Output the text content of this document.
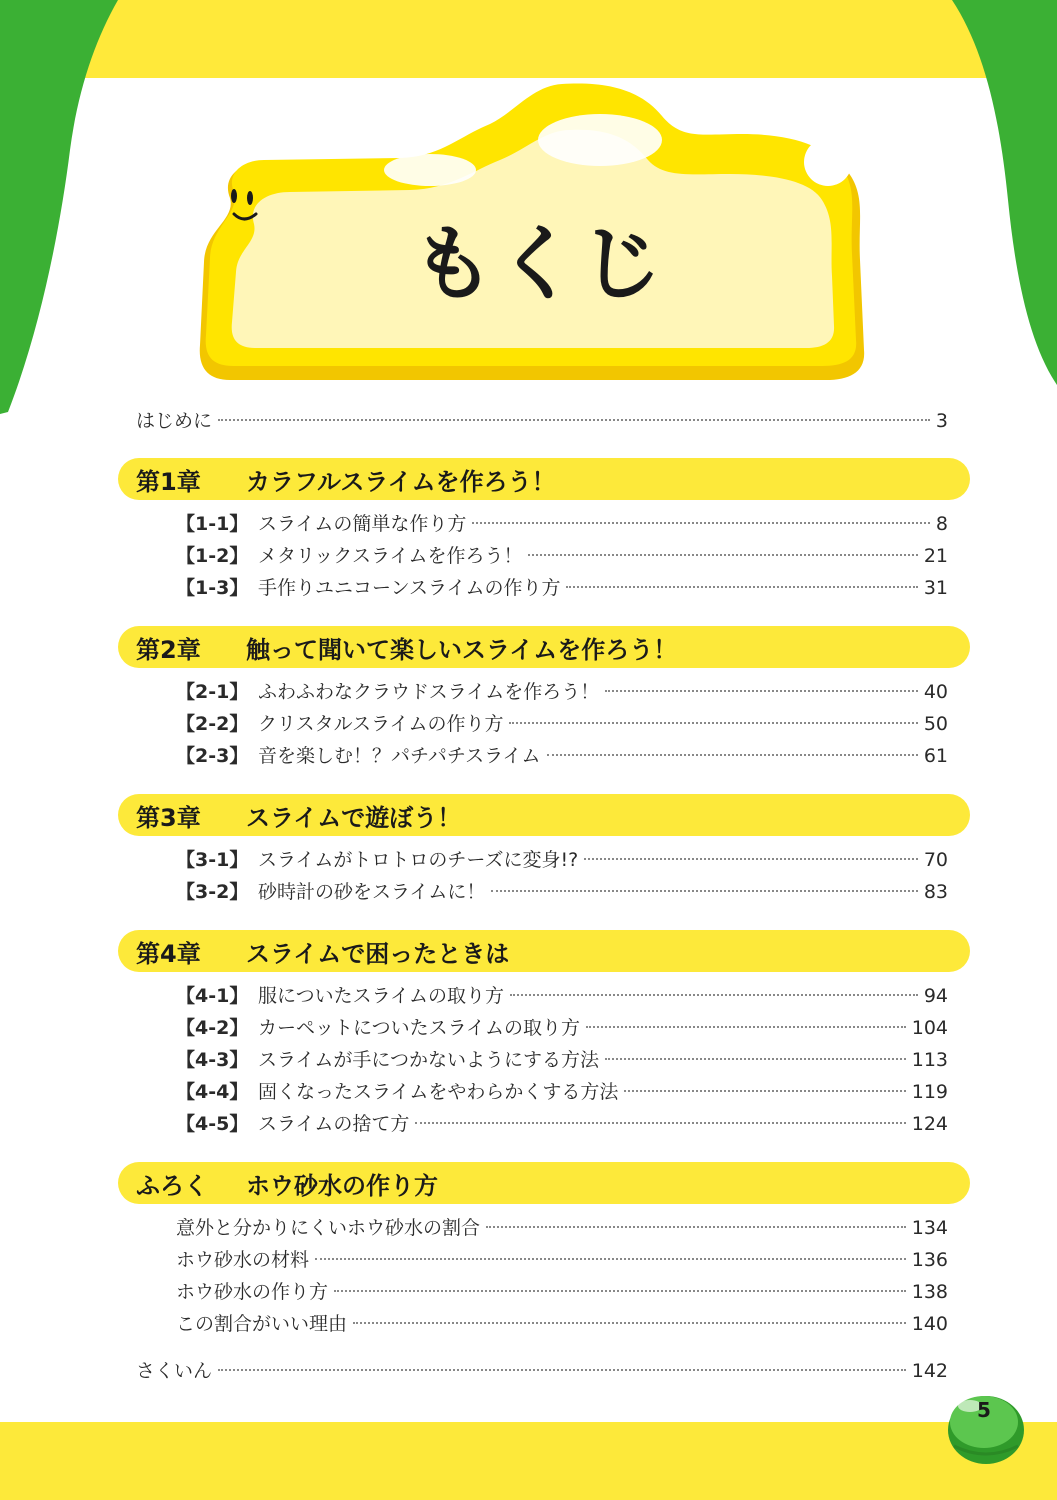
もくじ
はじめに	3
第1章	カラフルスライムを作ろう！
【1-1】 スライムの簡単な作り方	8
【1-2】 メタリックスライムを作ろう！	21
【1-3】 手作りユニコーンスライムの作り方	31
第2章	触って聞いて楽しいスライムを作ろう！
【2-1】 ふわふわなクラウドスライムを作ろう！	40
【2-2】 クリスタルスライムの作り方	50
【2-3】 音を楽しむ！？パチパチスライム	61
第3章	スライムで遊ぼう！
【3-1】 スライムがトロトロのチーズに変身!?	70
【3-2】 砂時計の砂をスライムに！	83
第4章	スライムで困ったときは
【4-1】 服についたスライムの取り方	94
【4-2】 カーペットについたスライムの取り方	104
【4-3】 スライムが手につかないようにする方法	113
【4-4】 固くなったスライムをやわらかくする方法	119
【4-5】 スライムの捨て方	124
ふろく	ホウ砂水の作り方
意外と分かりにくいホウ砂水の割合	134
ホウ砂水の材料	136
ホウ砂水の作り方	138
この割合がいい理由	140
さくいん	142
5
